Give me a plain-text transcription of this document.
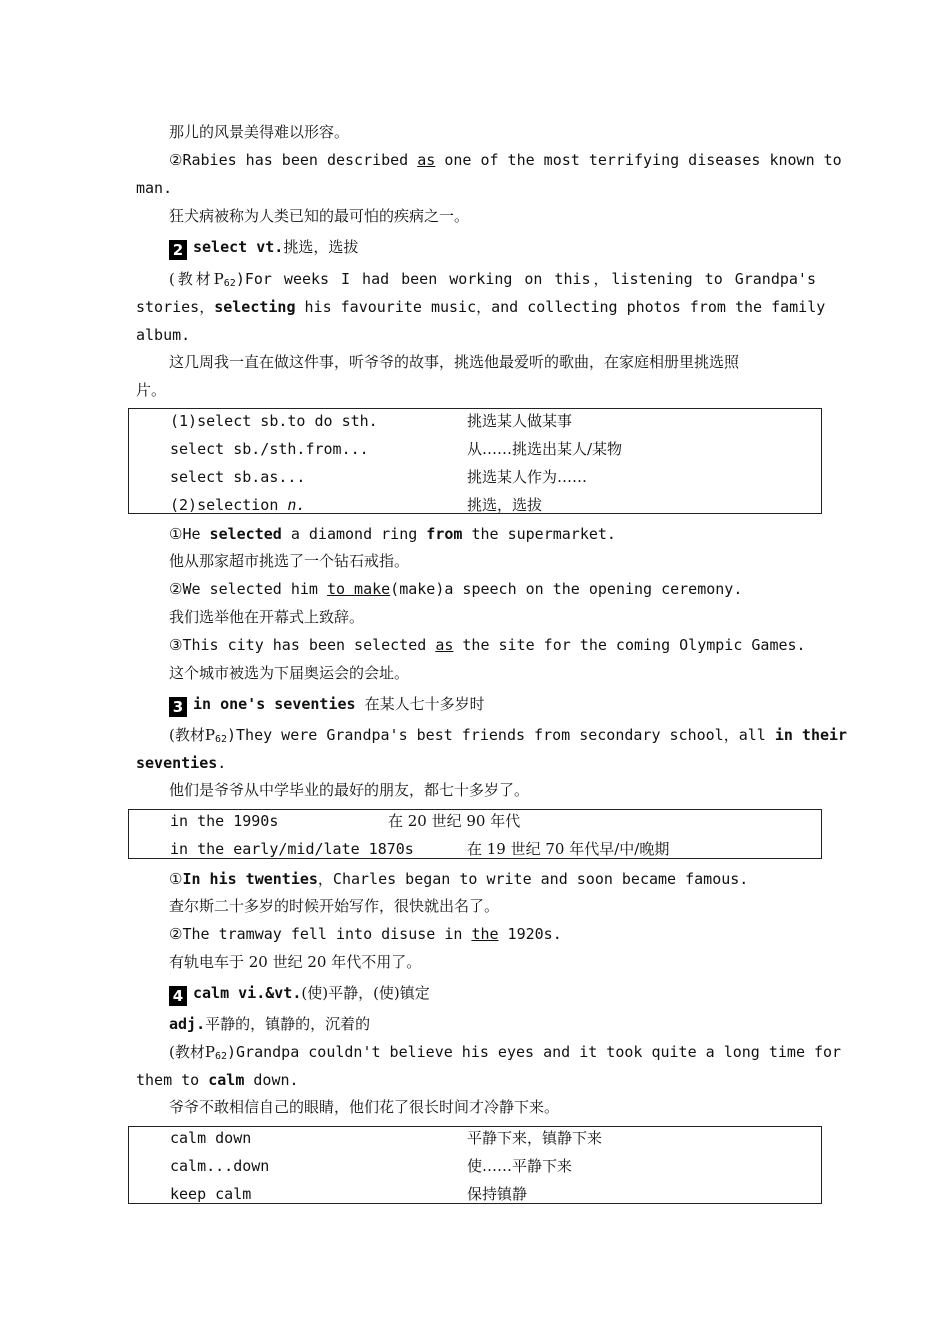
那儿的风景美得难以形容。
②Rabies has been described as one of the most terrifying diseases known to
man.
狂犬病被称为人类已知的最可怕的疾病之一。
2 select vt.挑选，选拔
(教材$P_{62})For$ weeks I had been working on this，listening to Grandpa's
stories，selecting his favourite music，and collecting photos from the family
album.
这几周我一直在做这件事，听爷爷的故事，挑选他最爱听的歌曲，在家庭相册里挑选照
片。
(1)select sb.to do sth.	挑选某人做某事
select sb./sth.from...	从……挑选出某人/某物
select sb.as...	挑选某人作为……
(2)selection n.	挑选，选拔
①He selected a diamond ring from the supermarket.
他从那家超市挑选了一个钻石戒指。
②We selected him to make(make)a speech on the opening ceremony.
我们选举他在开幕式上致辞。
③This city has been selected as the site for the coming Olympic Games.
这个城市被选为下届奥运会的会址。
3 in one's seventies 在某人七十多岁时
(教材$P_{62})They$ were Grandpa's best friends from secondary school，all in their
seventies.
他们是爷爷从中学毕业的最好的朋友，都七十多岁了。
in the 1990s	在 20 世纪 90 年代
in the early/mid/late 1870s	在 19 世纪 70 年代早/中/晚期
①In his twenties，Charles began to write and soon became famous.
查尔斯二十多岁的时候开始写作，很快就出名了。
②The tramway fell into disuse in the 1920s.
有轨电车于 20 世纪 20 年代不用了。
4 calm vi.&vt.(使)平静，(使)镇定
adj.平静的，镇静的，沉着的
(教材$P_{62})Grandpa$ couldn't believe his eyes and it took quite a long time for
them to calm down.
爷爷不敢相信自己的眼睛，他们花了很长时间才冷静下来。
calm down	平静下来，镇静下来
calm...down	使……平静下来
keep calm	保持镇静
